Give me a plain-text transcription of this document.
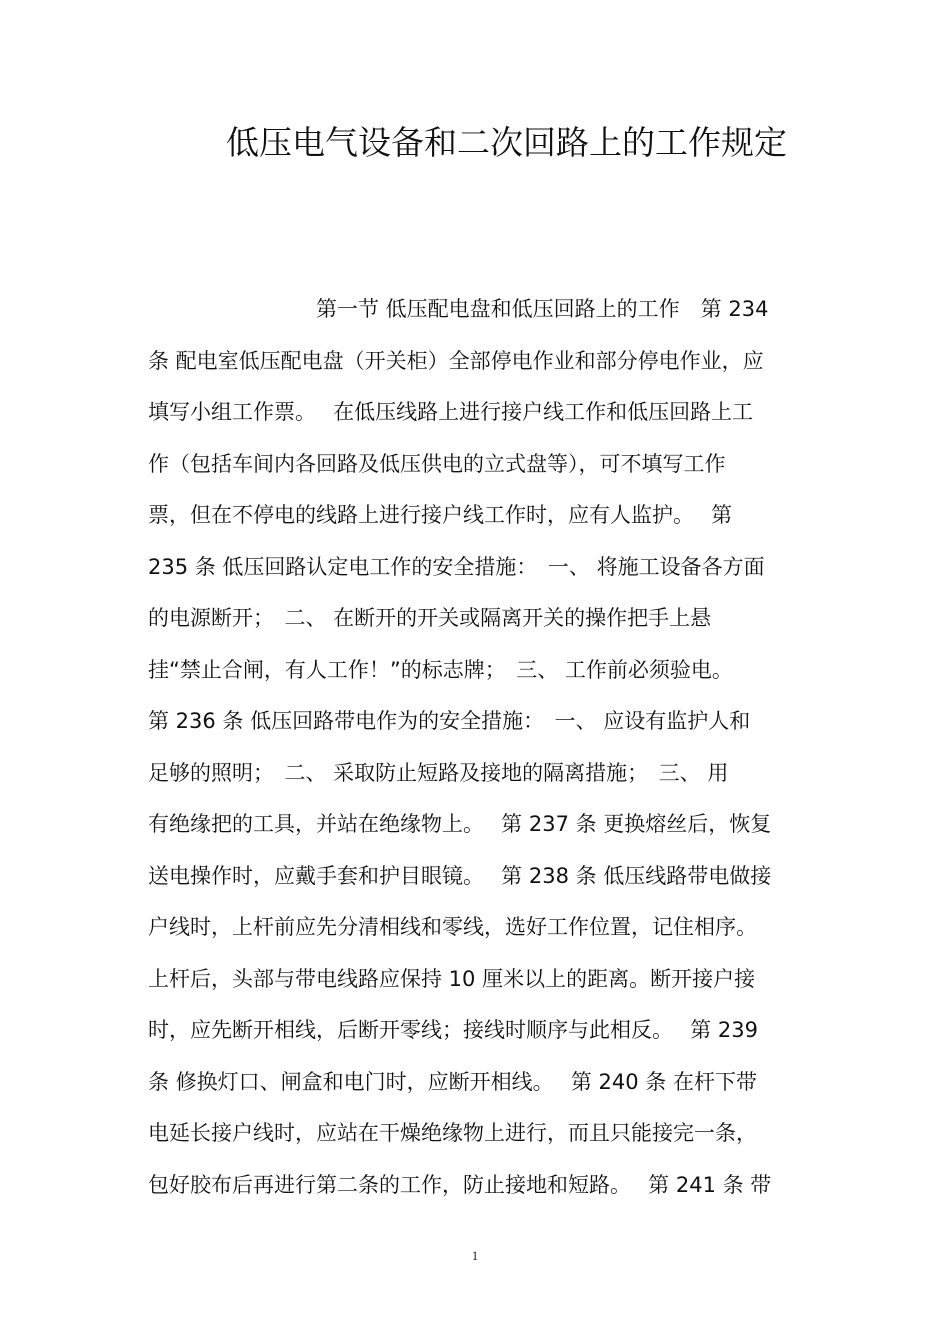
低压电气设备和二次回路上的工作规定
第一节 低压配电盘和低压回路上的工作　第 234
条 配电室低压配电盘（开关柜）全部停电作业和部分停电作业，应
填写小组工作票。　 在低压线路上进行接户线工作和低压回路上工
作（包括车间内各回路及低压供电的立式盘等），可不填写工作
票，但在不停电的线路上进行接户线工作时，应有人监护。　 第
235 条 低压回路认定电工作的安全措施：　一、 将施工设备各方面
的电源断开；　二、 在断开的开关或隔离开关的操作把手上悬
挂“禁止合闸，有人工作！”的标志牌；　三、 工作前必须验电。
第 236 条 低压回路带电作为的安全措施：　一、 应设有监护人和
足够的照明；　二、 采取防止短路及接地的隔离措施；　三、 用
有绝缘把的工具，并站在绝缘物上。　 第 237 条 更换熔丝后，恢复
送电操作时，应戴手套和护目眼镜。　 第 238 条 低压线路带电做接
户线时，上杆前应先分清相线和零线，选好工作位置，记住相序。
上杆后，头部与带电线路应保持 10 厘米以上的距离。断开接户接
时，应先断开相线，后断开零线；接线时顺序与此相反。　 第 239
条 修换灯口、闸盒和电门时，应断开相线。　 第 240 条 在杆下带
电延长接户线时，应站在干燥绝缘物上进行，而且只能接完一条，
包好胶布后再进行第二条的工作，防止接地和短路。　 第 241 条 带
1
